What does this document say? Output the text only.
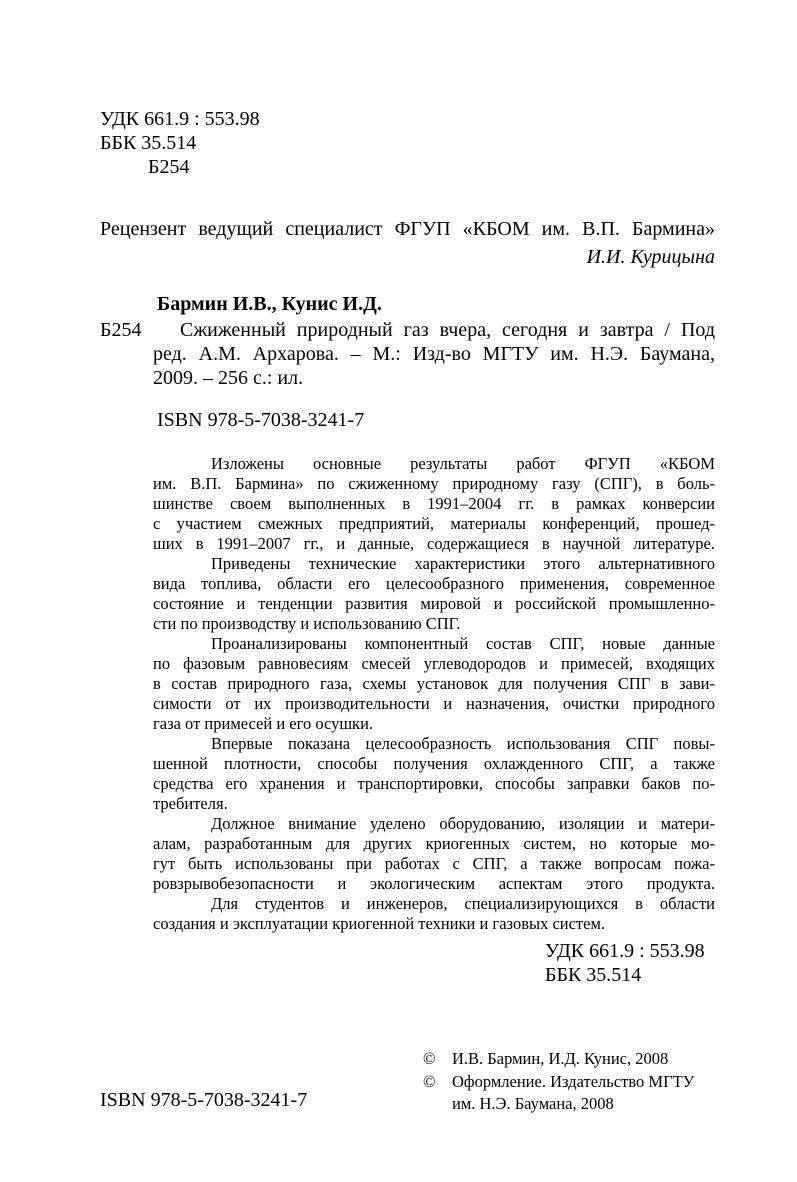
УДК 661.9 : 553.98
ББК 35.514
Б254
Рецензент ведущий специалист ФГУП «КБОМ им. В.П. Бармина»
И.И. Курицына
Бармин И.В., Кунис И.Д.
Б254 Сжиженный природный газ вчера, сегодня и завтра / Под
ред. А.М. Архарова. – М.: Изд-во МГТУ им. Н.Э. Баумана,
2009. – 256 с.: ил.
ISBN 978-5-7038-3241-7
Изложены основные результаты работ ФГУП «КБОМ
им. В.П. Бармина» по сжиженному природному газу (СПГ), в боль-
шинстве своем выполненных в 1991–2004 гг. в рамках конверсии
с участием смежных предприятий, материалы конференций, прошед-
ших в 1991–2007 гг., и данные, содержащиеся в научной литературе.
Приведены технические характеристики этого альтернативного
вида топлива, области его целесообразного применения, современное
состояние и тенденции развития мировой и российской промышленно-
сти по производству и использованию СПГ.
Проанализированы компонентный состав СПГ, новые данные
по фазовым равновесиям смесей углеводородов и примесей, входящих
в состав природного газа, схемы установок для получения СПГ в зави-
симости от их производительности и назначения, очистки природного
газа от примесей и его осушки.
Впервые показана целесообразность использования СПГ повы-
шенной плотности, способы получения охлажденного СПГ, а также
средства его хранения и транспортировки, способы заправки баков по-
требителя.
Должное внимание уделено оборудованию, изоляции и матери-
алам, разработанным для других криогенных систем, но которые мо-
гут быть использованы при работах с СПГ, а также вопросам пожа-
ровзрывобезопасности и экологическим аспектам этого продукта.
Для студентов и инженеров, специализирующихся в области
создания и эксплуатации криогенной техники и газовых систем.
УДК 661.9 : 553.98
ББК 35.514
© И.В. Бармин, И.Д. Кунис, 2008
© Оформление. Издательство МГТУ
им. Н.Э. Баумана, 2008
ISBN 978-5-7038-3241-7
